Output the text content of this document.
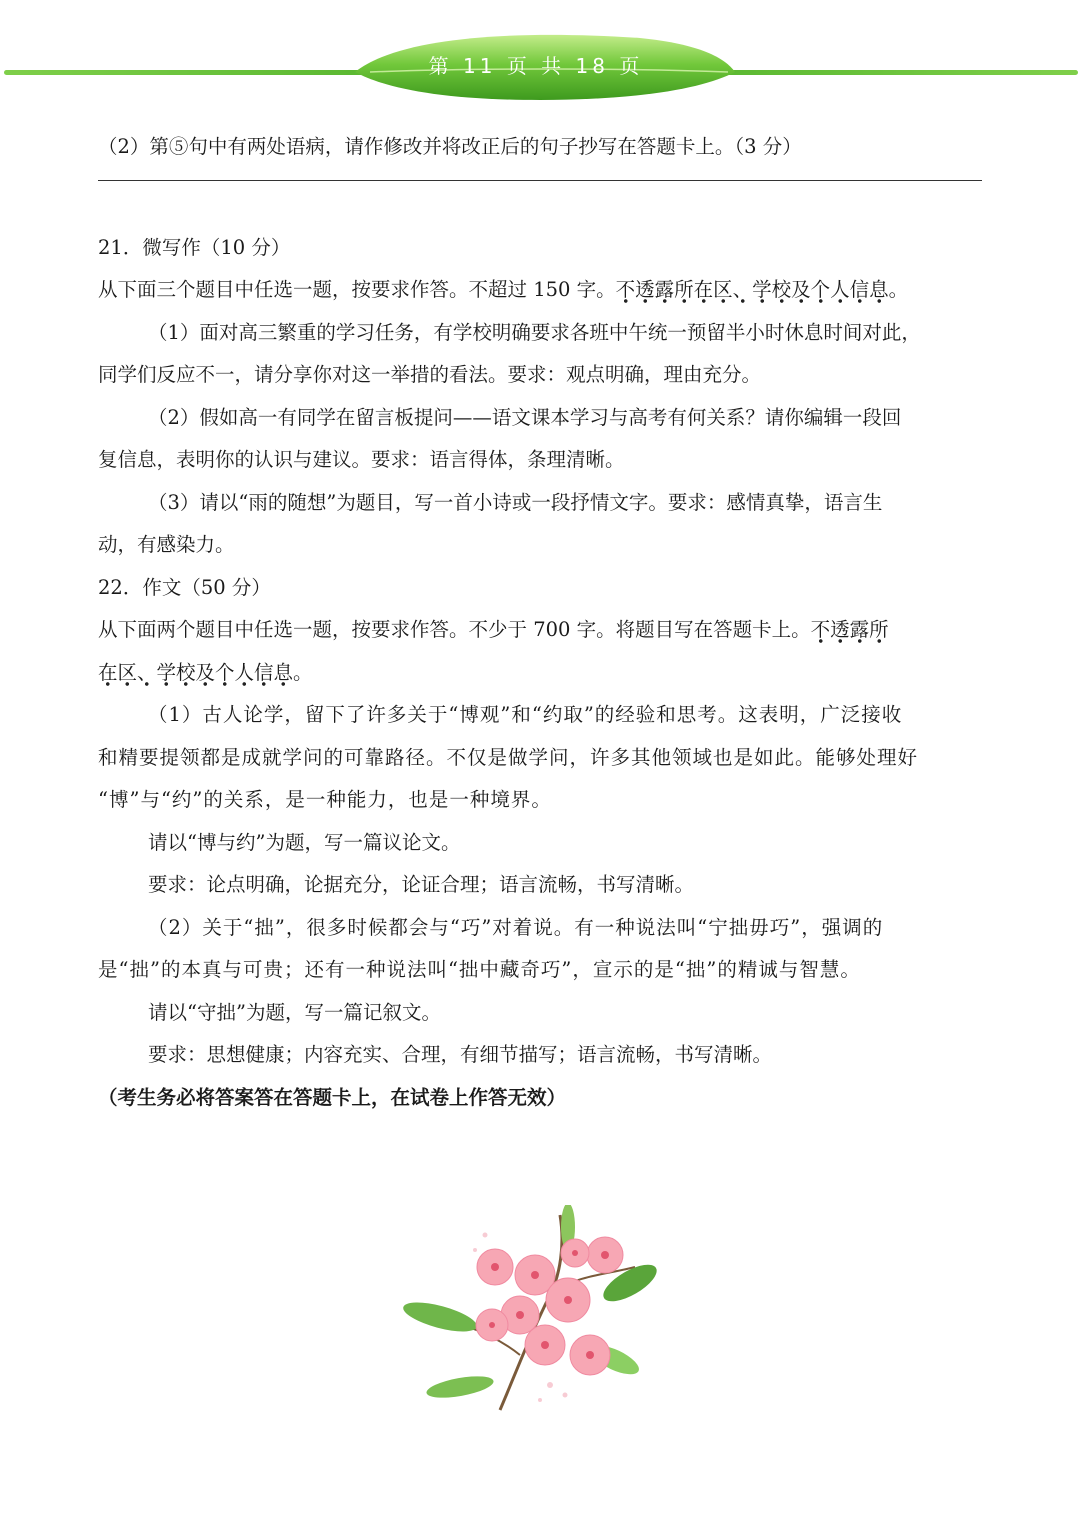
第 11 页 共 18 页
（2）第⑤句中有两处语病，请作修改并将改正后的句子抄写在答题卡上。（3 分）
21．微写作（10 分）
从下面三个题目中任选一题，按要求作答。不超过 150 字。不透露所在区、学校及个人信息。
（1）面对高三繁重的学习任务，有学校明确要求各班中午统一预留半小时休息时间对此，
同学们反应不一，请分享你对这一举措的看法。要求：观点明确，理由充分。
（2）假如高一有同学在留言板提问——语文课本学习与高考有何关系？请你编辑一段回
复信息，表明你的认识与建议。要求：语言得体，条理清晰。
（3）请以“雨的随想”为题目，写一首小诗或一段抒情文字。要求：感情真挚，语言生
动，有感染力。
22．作文（50 分）
从下面两个题目中任选一题，按要求作答。不少于 700 字。将题目写在答题卡上。不透露所
在区、学校及个人信息。
（1）古人论学，留下了许多关于“博观”和“约取”的经验和思考。这表明，广泛接收
和精要提领都是成就学问的可靠路径。不仅是做学问，许多其他领域也是如此。能够处理好
“博”与“约”的关系，是一种能力，也是一种境界。
请以“博与约”为题，写一篇议论文。
要求：论点明确，论据充分，论证合理；语言流畅，书写清晰。
（2）关于“拙”，很多时候都会与“巧”对着说。有一种说法叫“宁拙毋巧”，强调的
是“拙”的本真与可贵；还有一种说法叫“拙中藏奇巧”，宣示的是“拙”的精诚与智慧。
请以“守拙”为题，写一篇记叙文。
要求：思想健康；内容充实、合理，有细节描写；语言流畅，书写清晰。
（考生务必将答案答在答题卡上，在试卷上作答无效）
